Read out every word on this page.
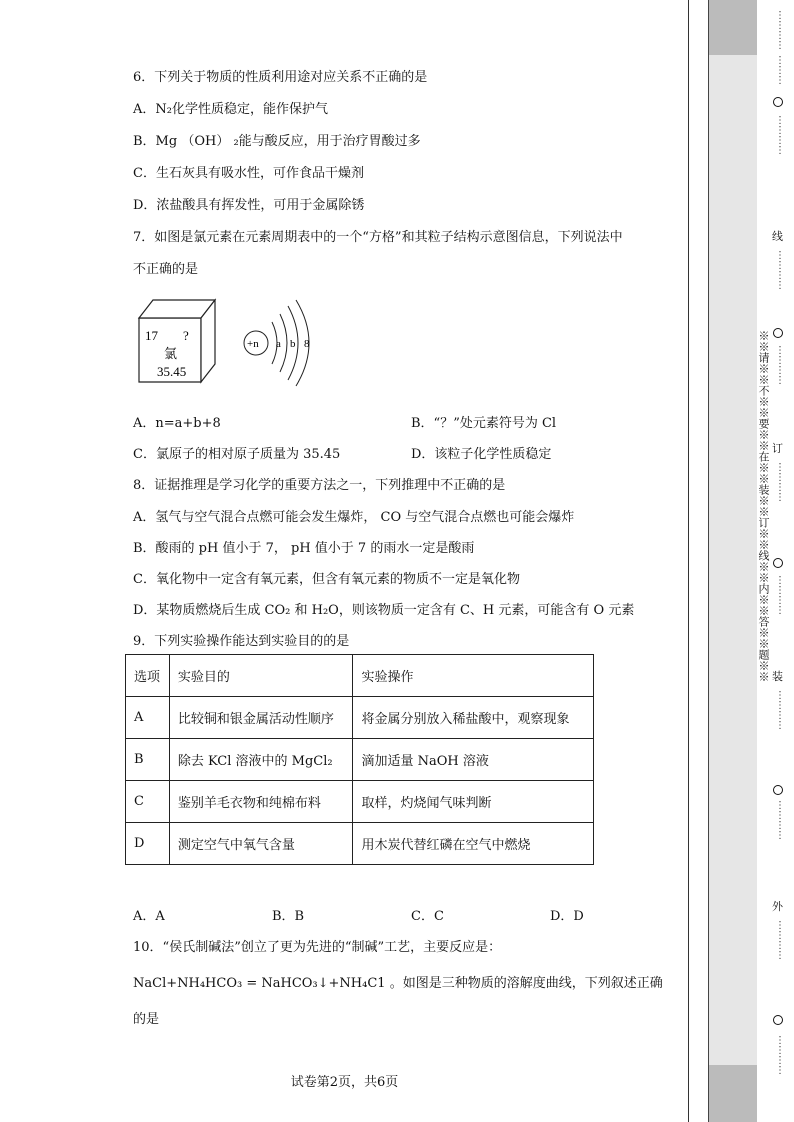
6．下列关于物质的性质利用途对应关系不正确的是
A．N₂化学性质稳定，能作保护气
B．Mg （OH） ₂能与酸反应，用于治疗胃酸过多
C．生石灰具有吸水性，可作食品干燥剂
D．浓盐酸具有挥发性，可用于金属除锈
7．如图是氯元素在元素周期表中的一个“方格”和其粒子结构示意图信息，下列说法中
不正确的是
17 ?
氯
35.45
+n a b 8
A．n=a+b+8	B．“？”处元素符号为 Cl
C．氯原子的相对原子质量为 35.45	D．该粒子化学性质稳定
8．证据推理是学习化学的重要方法之一，下列推理中不正确的是
A．氢气与空气混合点燃可能会发生爆炸， CO 与空气混合点燃也可能会爆炸
B．酸雨的 pH 值小于 7， pH 值小于 7 的雨水一定是酸雨
C．氧化物中一定含有氧元素，但含有氧元素的物质不一定是氧化物
D．某物质燃烧后生成 CO₂ 和 H₂O，则该物质一定含有 C、H 元素，可能含有 O 元素
9．下列实验操作能达到实验目的的是
选项	实验目的	实验操作
A	比较铜和银金属活动性顺序	将金属分别放入稀盐酸中，观察现象
B	除去 KCl 溶液中的 MgCl₂	滴加适量 NaOH 溶液
C	鉴别羊毛衣物和纯棉布料	取样，灼烧闻气味判断
D	测定空气中氧气含量	用木炭代替红磷在空气中燃烧
A．A	B．B	C．C	D．D
10．“侯氏制碱法”创立了更为先进的“制碱”工艺，主要反应是：
NaCl+NH₄HCO₃ = NaHCO₃↓+NH₄C1 。如图是三种物质的溶解度曲线，下列叙述正确
的是
试卷第2页，共6页
※※请※※不※※要※※在※※装※※订※※线※※内※※答※※题※※
⋯⋯⋯⋯
⋯⋯⋯
⋯⋯⋯⋯
线
⋯⋯⋯⋯
⋯⋯⋯⋯
订
⋯⋯⋯⋯
⋯⋯⋯⋯
装
⋯⋯⋯⋯
⋯⋯⋯⋯
外
⋯⋯⋯⋯
⋯⋯⋯⋯
